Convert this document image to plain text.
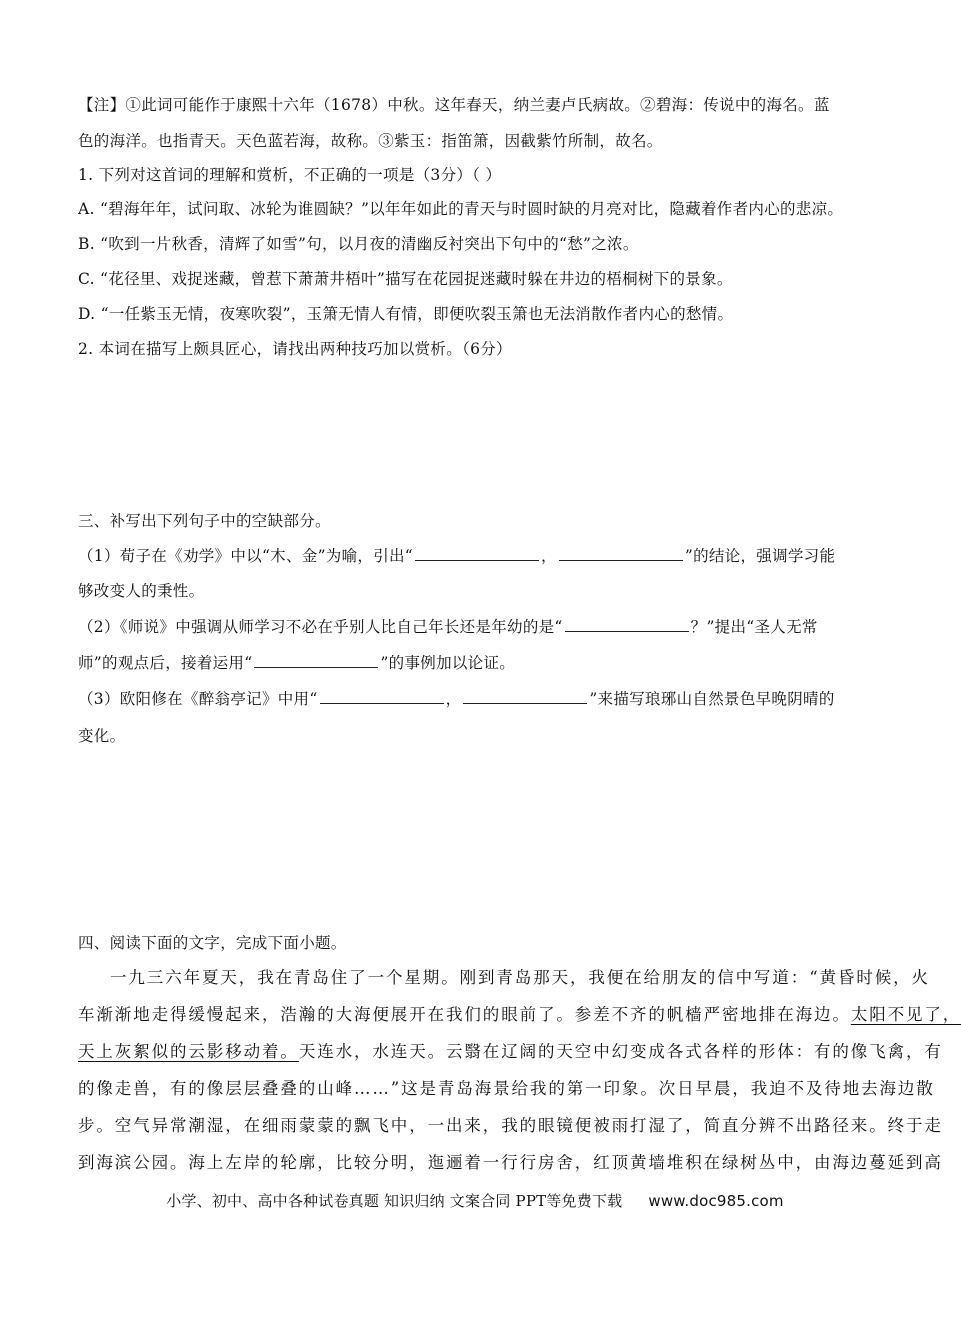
【注】①此词可能作于康熙十六年（1678）中秋。这年春天，纳兰妻卢氏病故。②碧海：传说中的海名。蓝
色的海洋。也指青天。天色蓝若海，故称。③紫玉：指笛箫，因截紫竹所制，故名。
1. 下列对这首词的理解和赏析，不正确的一项是（3分）（ ）
A. “碧海年年，试问取、冰轮为谁圆缺？”以年年如此的青天与时圆时缺的月亮对比，隐藏着作者内心的悲凉。
B. “吹到一片秋香，清辉了如雪”句，以月夜的清幽反衬突出下句中的“愁”之浓。
C. “花径里、戏捉迷藏，曾惹下萧萧井梧叶”描写在花园捉迷藏时躲在井边的梧桐树下的景象。
D. “一任紫玉无情，夜寒吹裂”，玉箫无情人有情，即便吹裂玉箫也无法消散作者内心的愁情。
2. 本词在描写上颇具匠心，请找出两种技巧加以赏析。（6分）
三、补写出下列句子中的空缺部分。
（1）荀子在《劝学》中以“木、金”为喻，引出“	，	”的结论，强调学习能
够改变人的秉性。
（2）《师说》中强调从师学习不必在乎别人比自己年长还是年幼的是“	？”提出“圣人无常
师”的观点后，接着运用“	”的事例加以论证。
（3）欧阳修在《醉翁亭记》中用“	，	”来描写琅琊山自然景色早晚阴晴的
变化。
四、阅读下面的文字，完成下面小题。
一九三六年夏天，我在青岛住了一个星期。刚到青岛那天，我便在给朋友的信中写道：“黄昏时候，火
车渐渐地走得缓慢起来，浩瀚的大海便展开在我们的眼前了。参差不齐的帆樯严密地排在海边。太阳不见了，
天上灰絮似的云影移动着。天连水，水连天。云翳在辽阔的天空中幻变成各式各样的形体：有的像飞禽，有
的像走兽，有的像层层叠叠的山峰……”这是青岛海景给我的第一印象。次日早晨，我迫不及待地去海边散
步。空气异常潮湿，在细雨蒙蒙的飘飞中，一出来，我的眼镜便被雨打湿了，简直分辨不出路径来。终于走
到海滨公园。海上左岸的轮廓，比较分明，迤逦着一行行房舍，红顶黄墙堆积在绿树丛中，由海边蔓延到高
小学、初中、高中各种试卷真题 知识归纳 文案合同 PPT等免费下载 www.doc985.com
